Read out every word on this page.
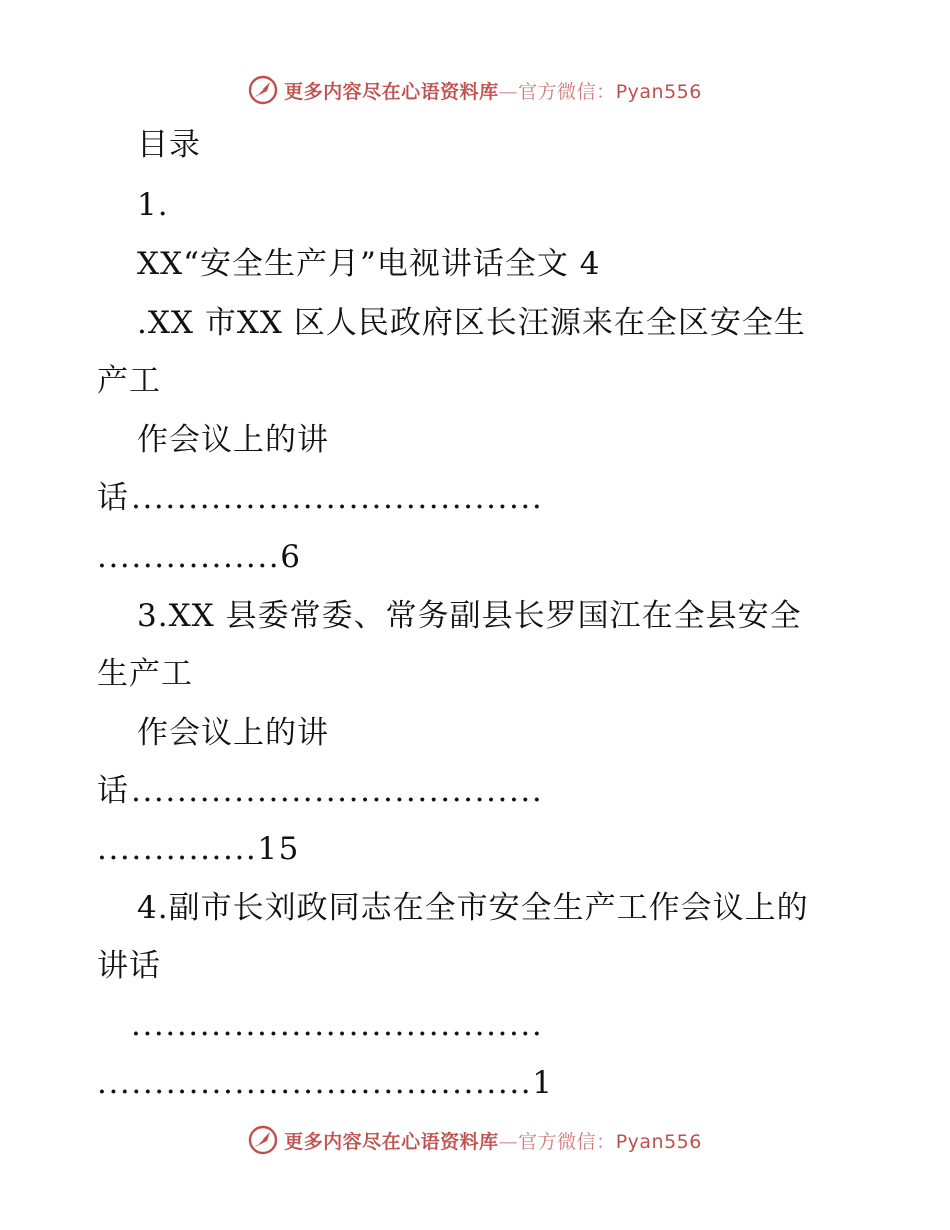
更多内容尽在心语资料库—官方微信：Pyan556
目录
1.
XX“安全生产月”电视讲话全文 4
.XX 市XX 区人民政府区长汪源来在全区安全生
产工
作会议上的讲
话 ....................................
................6
3.XX 县委常委、常务副县长罗国江在全县安全
生产工
作会议上的讲
话 ....................................
..............15
4.副市长刘政同志在全市安全生产工作会议上的
讲话
....................................
......................................1
更多内容尽在心语资料库—官方微信：Pyan556
